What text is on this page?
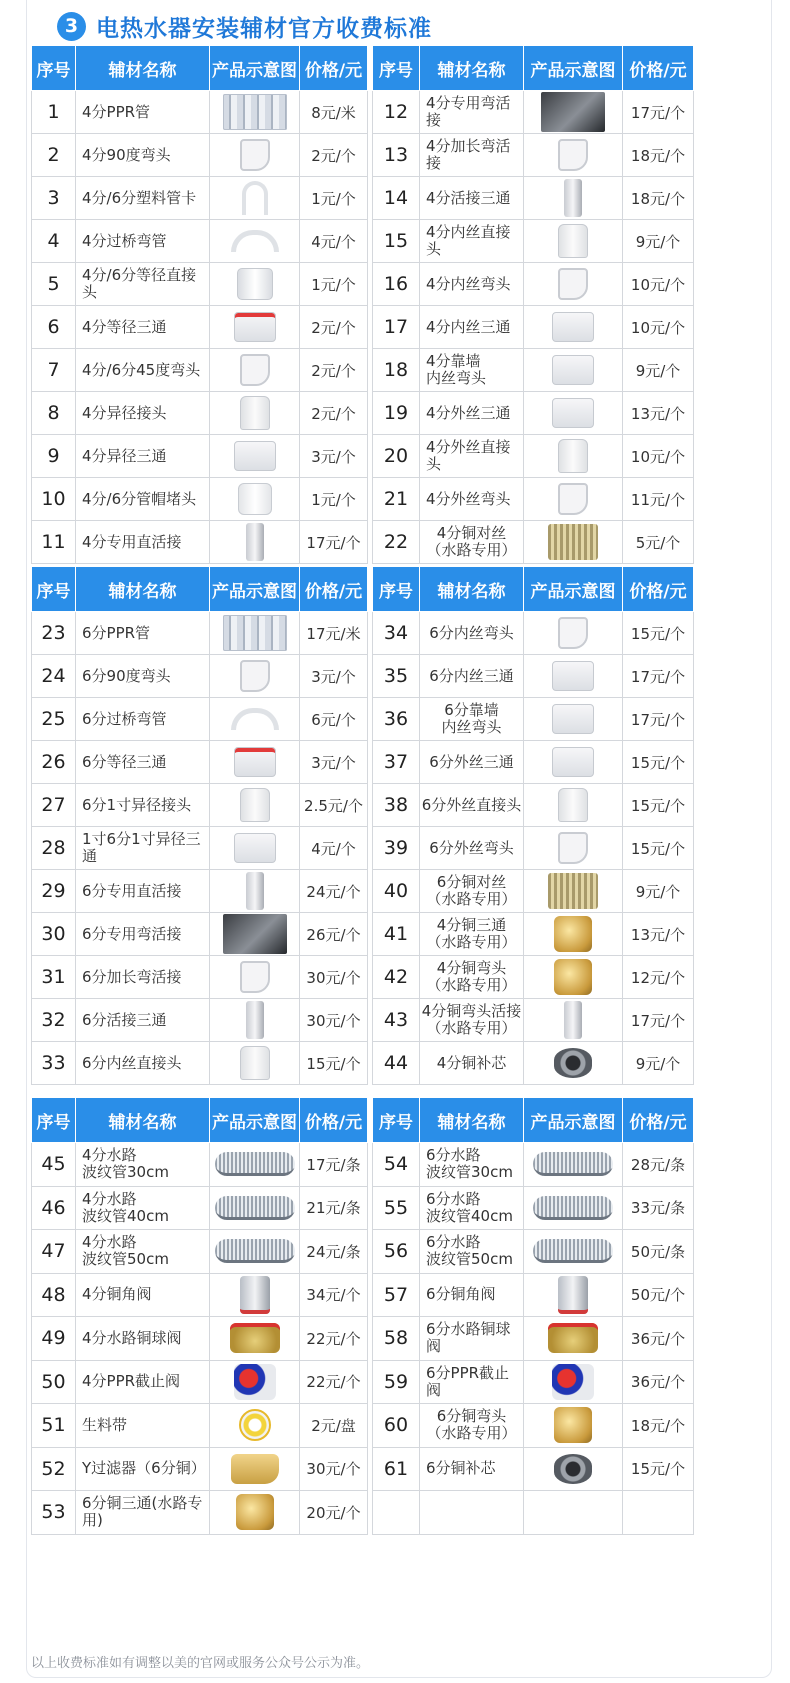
3 电热水器安装辅材官方收费标准
序号	辅材名称	产品示意图	价格/元
1	4分PPR管		8元/米
2	4分90度弯头		2元/个
3	4分/6分塑料管卡		1元/个
4	4分过桥弯管		4元/个
5	4分/6分等径直接头		1元/个
6	4分等径三通		2元/个
7	4分/6分45度弯头		2元/个
8	4分异径接头		2元/个
9	4分异径三通		3元/个
10	4分/6分管帽堵头		1元/个
11	4分专用直活接		17元/个
序号	辅材名称	产品示意图	价格/元
12	4分专用弯活接		17元/个
13	4分加长弯活接		18元/个
14	4分活接三通		18元/个
15	4分内丝直接头		9元/个
16	4分内丝弯头		10元/个
17	4分内丝三通		10元/个
18	4分靠墙
内丝弯头		9元/个
19	4分外丝三通		13元/个
20	4分外丝直接头		10元/个
21	4分外丝弯头		11元/个
22	4分铜对丝
（水路专用）		5元/个
序号	辅材名称	产品示意图	价格/元
23	6分PPR管		17元/米
24	6分90度弯头		3元/个
25	6分过桥弯管		6元/个
26	6分等径三通		3元/个
27	6分1寸异径接头		2.5元/个
28	1寸6分1寸异径三通		4元/个
29	6分专用直活接		24元/个
30	6分专用弯活接		26元/个
31	6分加长弯活接		30元/个
32	6分活接三通		30元/个
33	6分内丝直接头		15元/个
序号	辅材名称	产品示意图	价格/元
34	6分内丝弯头		15元/个
35	6分内丝三通		17元/个
36	6分靠墙
内丝弯头		17元/个
37	6分外丝三通		15元/个
38	6分外丝直接头		15元/个
39	6分外丝弯头		15元/个
40	6分铜对丝
（水路专用）		9元/个
41	4分铜三通
（水路专用）		13元/个
42	4分铜弯头
（水路专用）		12元/个
43	4分铜弯头活接
（水路专用）		17元/个
44	4分铜补芯		9元/个
序号	辅材名称	产品示意图	价格/元
45	4分水路
波纹管30cm		17元/条
46	4分水路
波纹管40cm		21元/条
47	4分水路
波纹管50cm		24元/条
48	4分铜角阀		34元/个
49	4分水路铜球阀		22元/个
50	4分PPR截止阀		22元/个
51	生料带		2元/盘
52	Y过滤器（6分铜）		30元/个
53	6分铜三通(水路专用)		20元/个
序号	辅材名称	产品示意图	价格/元
54	6分水路
波纹管30cm		28元/条
55	6分水路
波纹管40cm		33元/条
56	6分水路
波纹管50cm		50元/条
57	6分铜角阀		50元/个
58	6分水路铜球阀		36元/个
59	6分PPR截止阀		36元/个
60	6分铜弯头
（水路专用）		18元/个
61	6分铜补芯		15元/个

以上收费标准如有调整以美的官网或服务公众号公示为准。
